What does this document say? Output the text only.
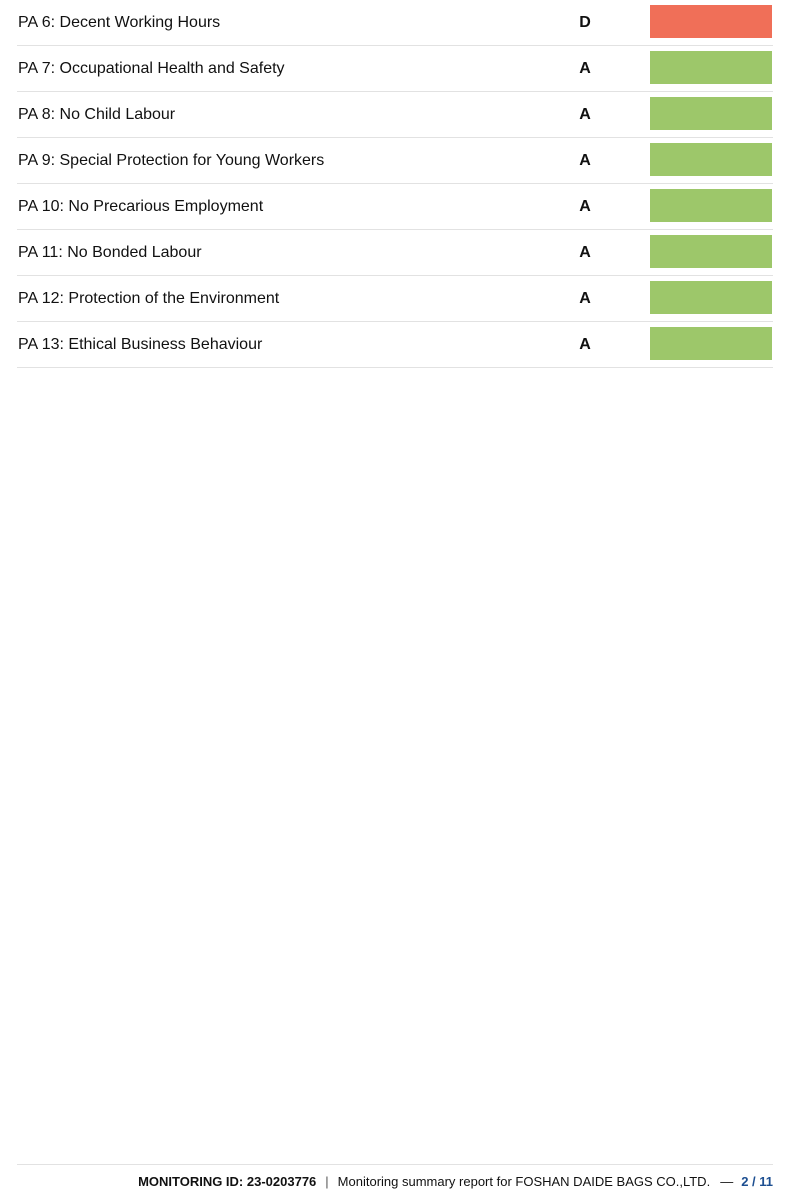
PA 6: Decent Working Hours	D
PA 7: Occupational Health and Safety	A
PA 8: No Child Labour	A
PA 9: Special Protection for Young Workers	A
PA 10: No Precarious Employment	A
PA 11: No Bonded Labour	A
PA 12: Protection of the Environment	A
PA 13: Ethical Business Behaviour	A
MONITORING ID: 23-0203776 | Monitoring summary report for FOSHAN DAIDE BAGS CO.,LTD. — 2 / 11
